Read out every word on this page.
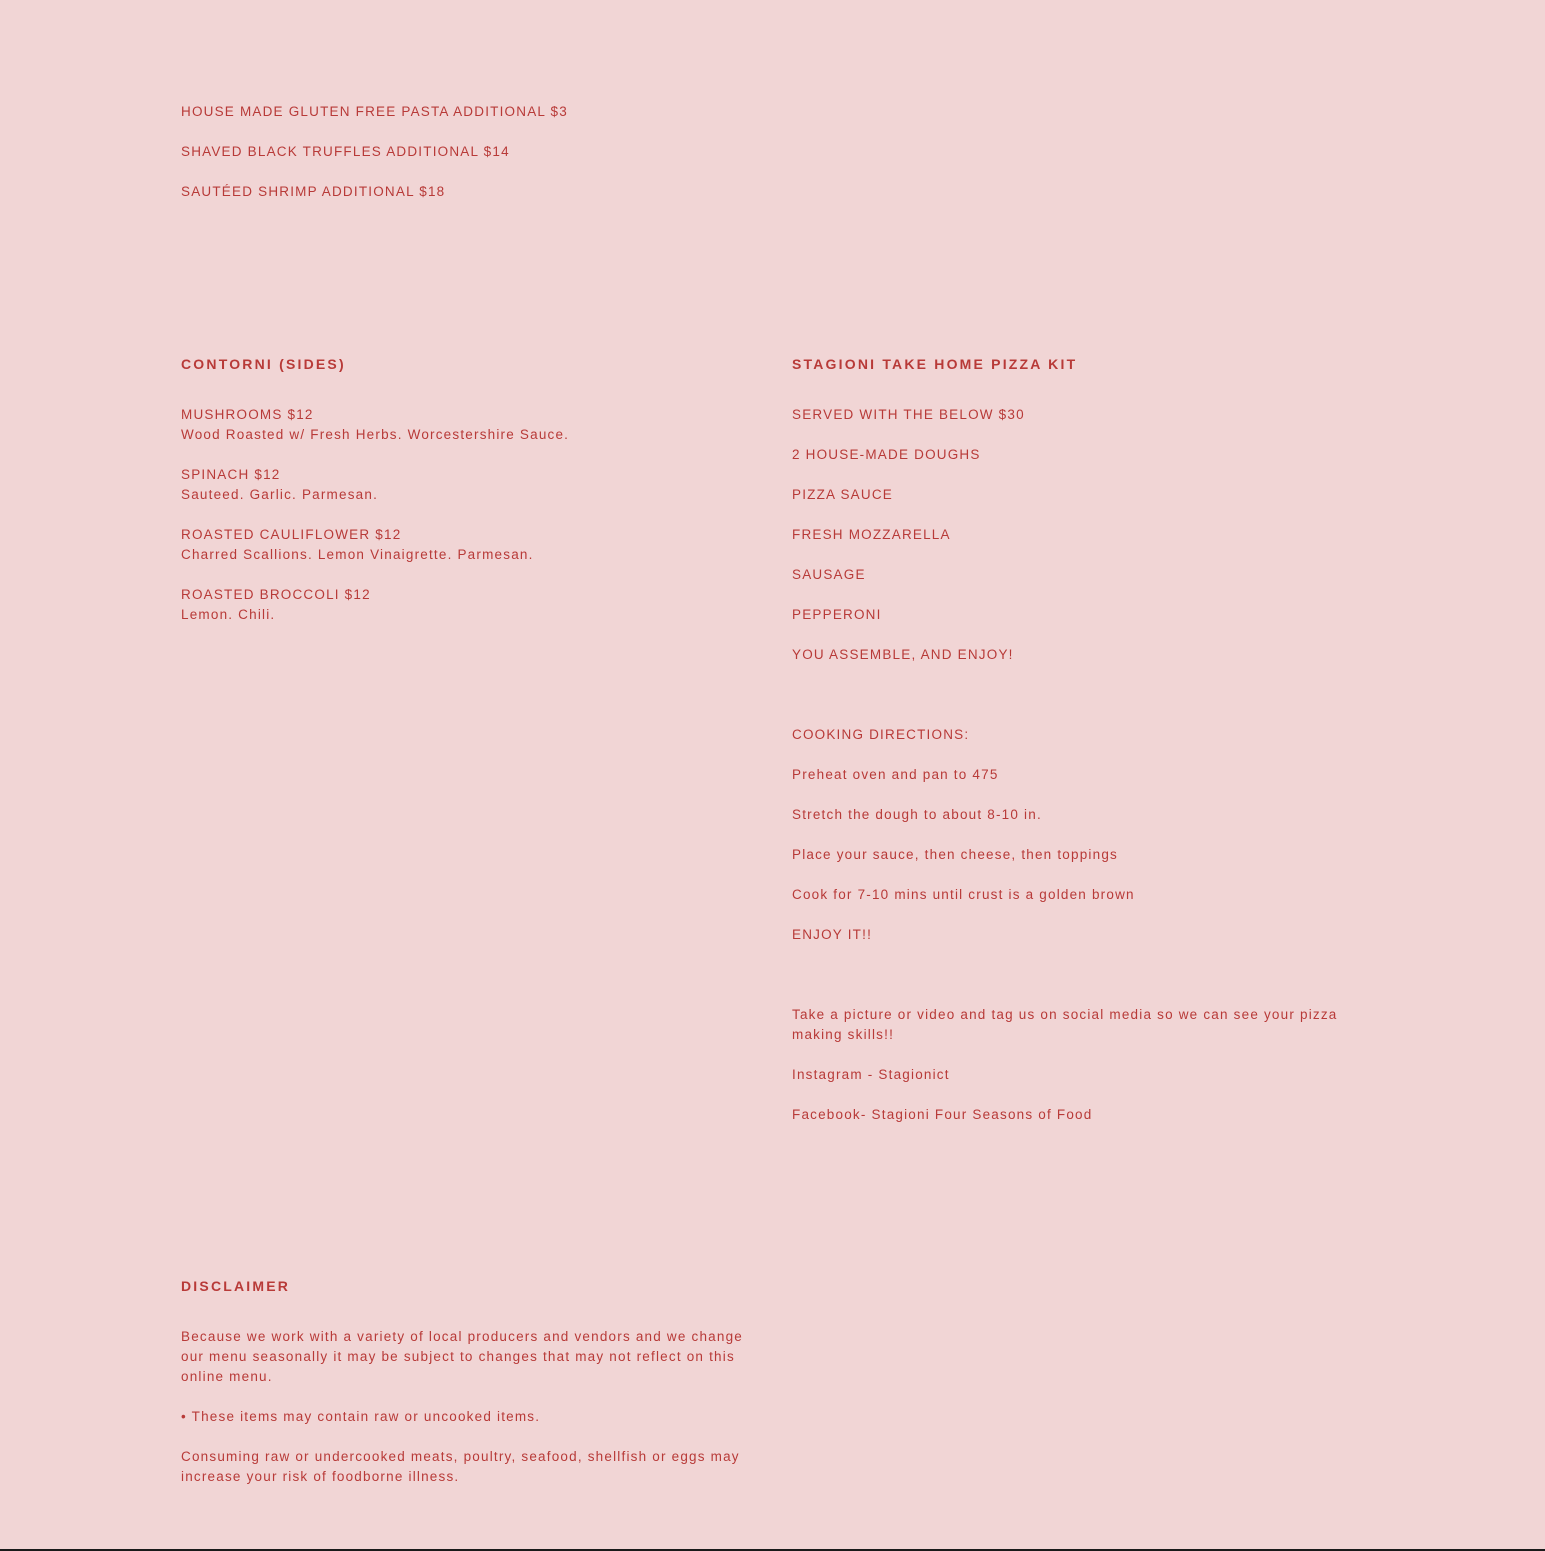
HOUSE MADE GLUTEN FREE PASTA ADDITIONAL $3

SHAVED BLACK TRUFFLES ADDITIONAL $14

SAUTÉED SHRIMP ADDITIONAL $18

CONTORNI (SIDES)

MUSHROOMS $12

Wood Roasted w/ Fresh Herbs. Worcestershire Sauce.

SPINACH $12

Sauteed. Garlic. Parmesan.

ROASTED CAULIFLOWER $12

Charred Scallions. Lemon Vinaigrette. Parmesan.

ROASTED BROCCOLI $12

Lemon. Chili.

STAGIONI TAKE HOME PIZZA KIT

SERVED WITH THE BELOW $30

2 HOUSE-MADE DOUGHS

PIZZA SAUCE

FRESH MOZZARELLA

SAUSAGE

PEPPERONI

YOU ASSEMBLE, AND ENJOY!

COOKING DIRECTIONS:

Preheat oven and pan to 475

Stretch the dough to about 8-10 in.

Place your sauce, then cheese, then toppings

Cook for 7-10 mins until crust is a golden brown

ENJOY IT!!

Take a picture or video and tag us on social media so we can see your pizza making skills!!

Instagram - Stagionict

Facebook- Stagioni Four Seasons of Food

DISCLAIMER

Because we work with a variety of local producers and vendors and we change our menu seasonally it may be subject to changes that may not reflect on this online menu.

• These items may contain raw or uncooked items.

Consuming raw or undercooked meats, poultry, seafood, shellfish or eggs may increase your risk of foodborne illness.
